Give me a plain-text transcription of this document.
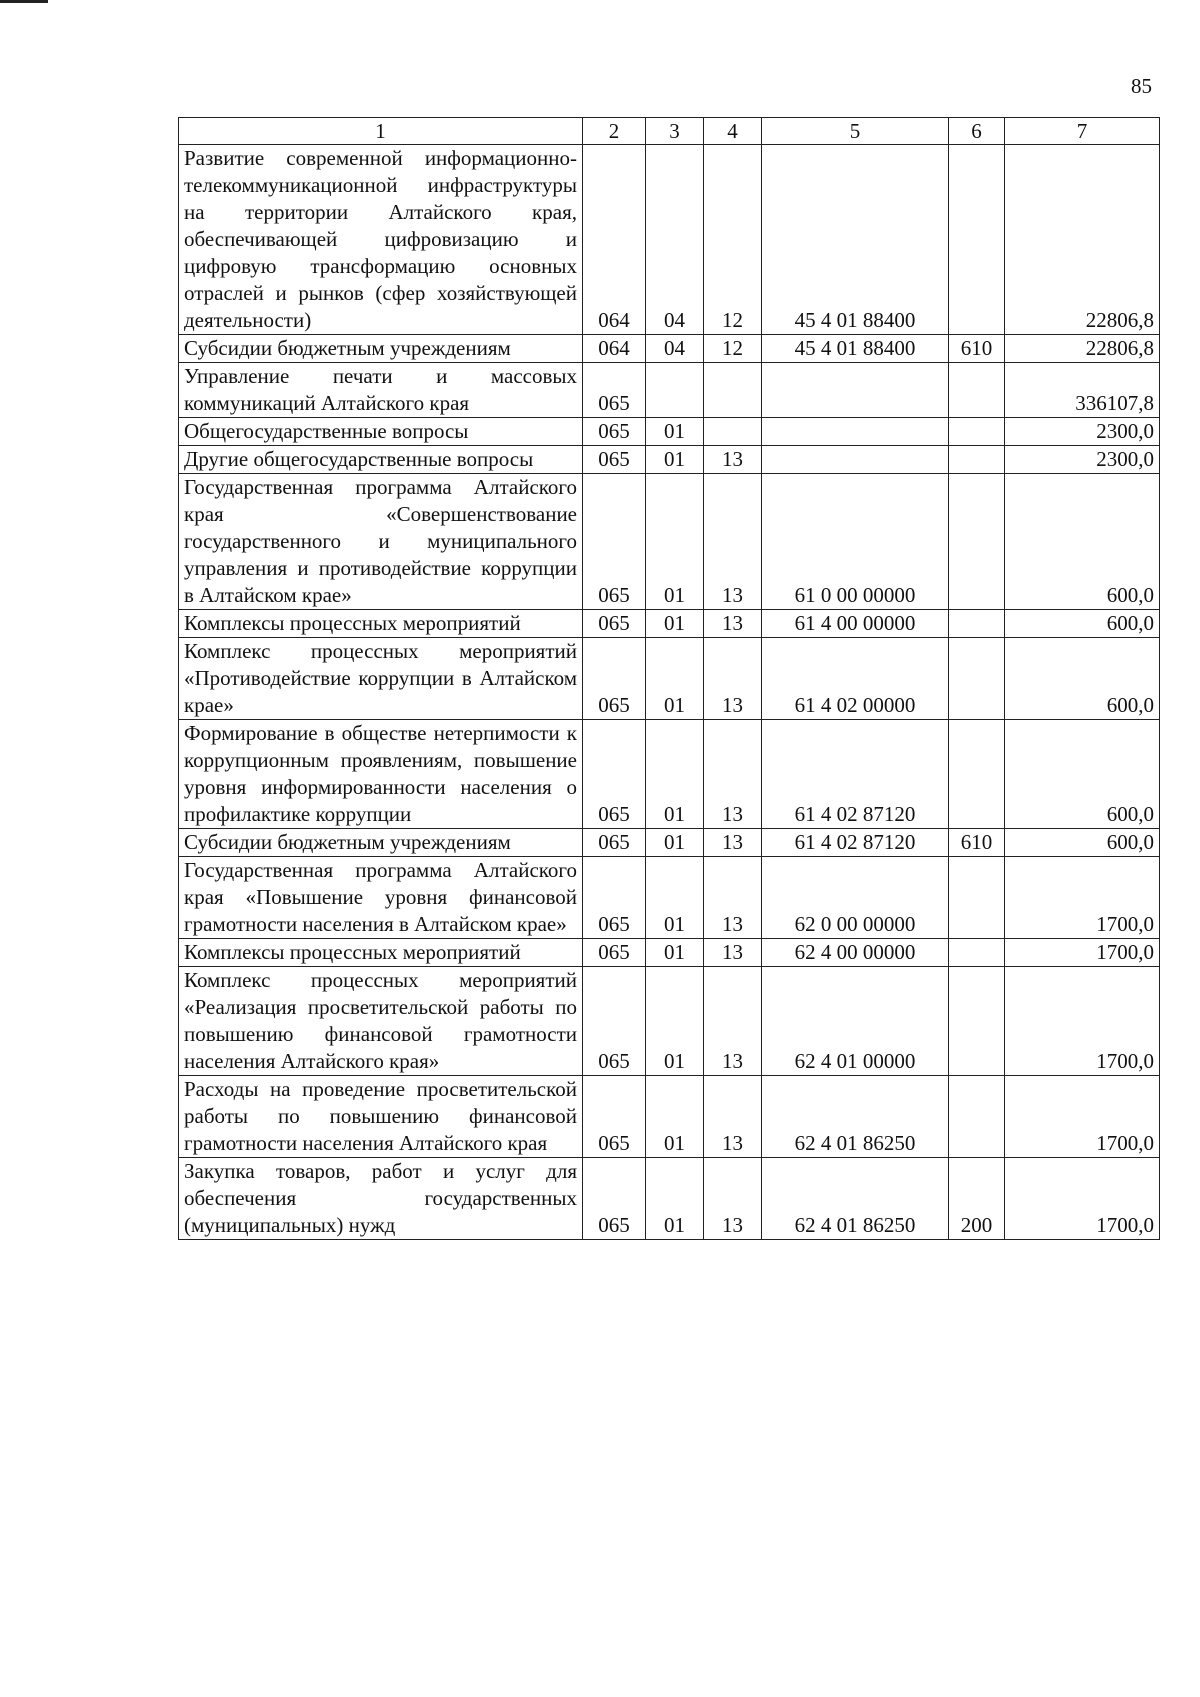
85
1	2	3	4	5	6	7
Развитие современной информационно-телекоммуникационной инфраструктуры на территории Алтайского края, обеспечивающей цифровизацию и цифровую трансформацию основных отраслей и рынков (сфер хозяйствующей деятельности)	064	04	12	45 4 01 88400		22806,8
Субсидии бюджетным учреждениям	064	04	12	45 4 01 88400	610	22806,8
Управление печати и массовых коммуникаций Алтайского края	065					336107,8
Общегосударственные вопросы	065	01				2300,0
Другие общегосударственные вопросы	065	01	13			2300,0
Государственная программа Алтайского края «Совершенствование государственного и муниципального управления и противодействие коррупции в Алтайском крае»	065	01	13	61 0 00 00000		600,0
Комплексы процессных мероприятий	065	01	13	61 4 00 00000		600,0
Комплекс процессных мероприятий «Противодействие коррупции в Алтайском крае»	065	01	13	61 4 02 00000		600,0
Формирование в обществе нетерпимости к коррупционным проявлениям, повышение уровня информированности населения о профилактике коррупции	065	01	13	61 4 02 87120		600,0
Субсидии бюджетным учреждениям	065	01	13	61 4 02 87120	610	600,0
Государственная программа Алтайского края «Повышение уровня финансовой грамотности населения в Алтайском крае»	065	01	13	62 0 00 00000		1700,0
Комплексы процессных мероприятий	065	01	13	62 4 00 00000		1700,0
Комплекс процессных мероприятий «Реализация просветительской работы по повышению финансовой грамотности населения Алтайского края»	065	01	13	62 4 01 00000		1700,0
Расходы на проведение просветительской работы по повышению финансовой грамотности населения Алтайского края	065	01	13	62 4 01 86250		1700,0
Закупка товаров, работ и услуг для обеспечения государственных (муниципальных) нужд	065	01	13	62 4 01 86250	200	1700,0
